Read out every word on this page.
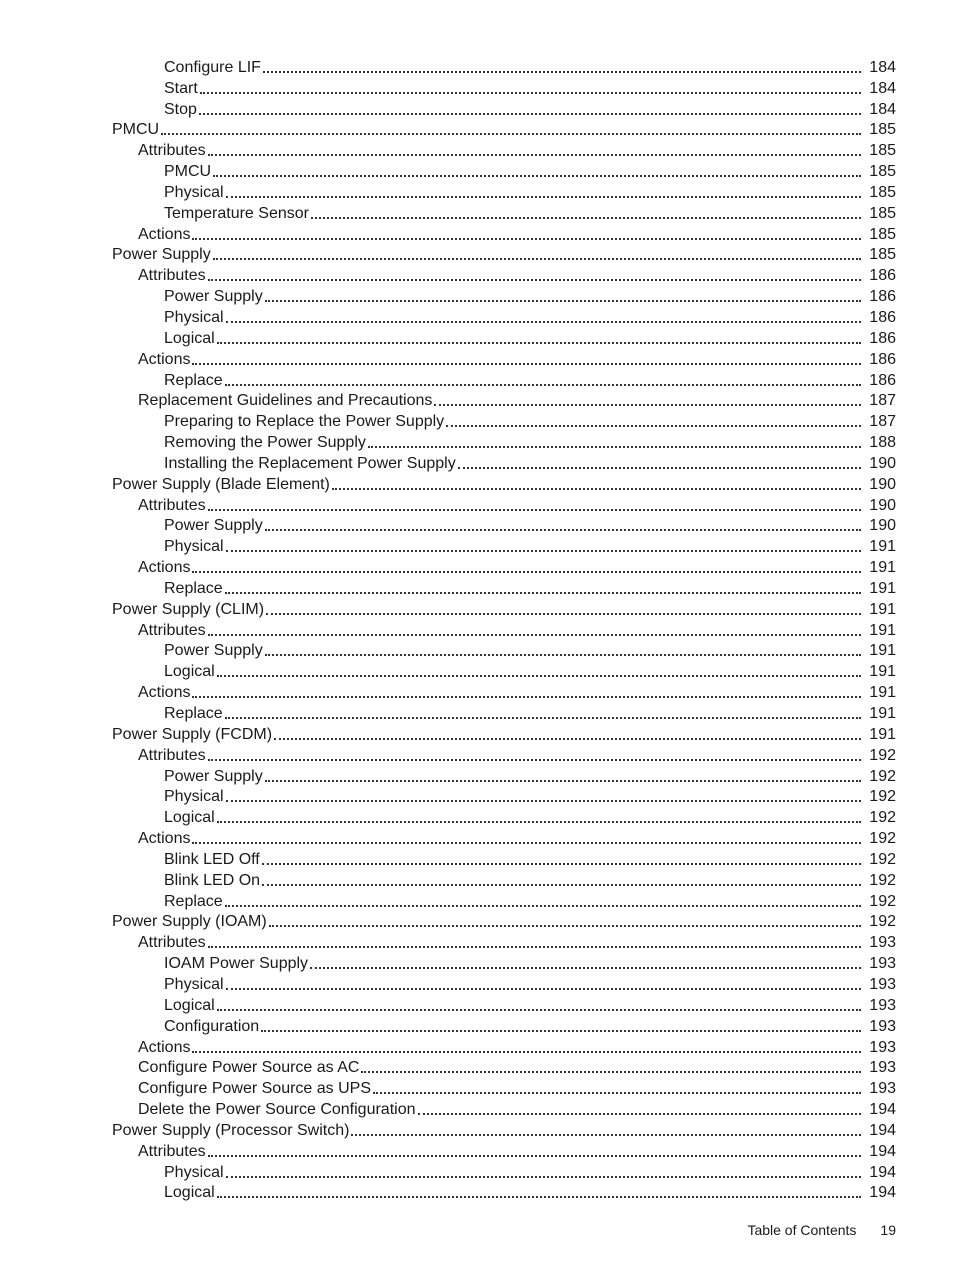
Configure LIF	184
Start	184
Stop	184
PMCU	185
Attributes	185
PMCU	185
Physical	185
Temperature Sensor	185
Actions	185
Power Supply	185
Attributes	186
Power Supply	186
Physical	186
Logical	186
Actions	186
Replace	186
Replacement Guidelines and Precautions	187
Preparing to Replace the Power Supply	187
Removing the Power Supply	188
Installing the Replacement Power Supply	190
Power Supply (Blade Element)	190
Attributes	190
Power Supply	190
Physical	191
Actions	191
Replace	191
Power Supply (CLIM)	191
Attributes	191
Power Supply	191
Logical	191
Actions	191
Replace	191
Power Supply (FCDM)	191
Attributes	192
Power Supply	192
Physical	192
Logical	192
Actions	192
Blink LED Off	192
Blink LED On	192
Replace	192
Power Supply (IOAM)	192
Attributes	193
IOAM Power Supply	193
Physical	193
Logical	193
Configuration	193
Actions	193
Configure Power Source as AC	193
Configure Power Source as UPS	193
Delete the Power Source Configuration	194
Power Supply (Processor Switch)	194
Attributes	194
Physical	194
Logical	194
Table of Contents 19
